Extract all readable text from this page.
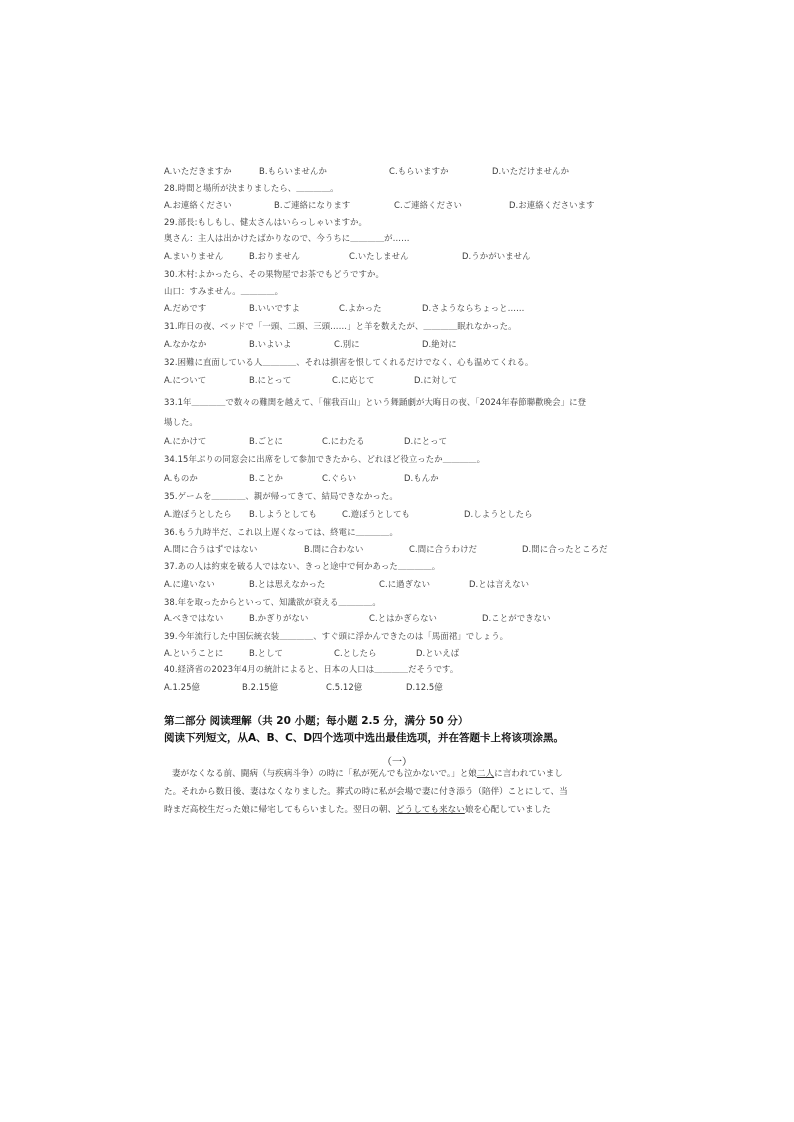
A.いただきますか	B.もらいませんか	C.もらいますか	D.いただけませんか
28.時間と場所が決まりましたら、＿＿＿＿。
A.お連絡ください	B.ご連絡になります	C.ご連絡ください	D.お連絡くださいます
29.部長:もしもし、健太さんはいらっしゃいますか。
奥さん：主人は出かけたばかりなので、今うちに＿＿＿＿が……
A.まいりません	B.おりません	C.いたしません	D.うかがいません
30.木村:よかったら、その果物屋でお茶でもどうですか。
山口：すみません。＿＿＿＿。
A.だめです	B.いいですよ	C.よかった	D.さようならちょっと……
31.昨日の夜、ベッドで「一頭、二頭、三頭……」と羊を数えたが、＿＿＿＿眠れなかった。
A.なかなか	B.いよいよ	C.別に	D.絶対に
32.困難に直面している人＿＿＿＿、それは損害を恨してくれるだけでなく、心も温めてくれる。
A.について	B.にとって	C.に応じて	D.に対して
33.1年＿＿＿＿で数々の難関を越えて、「催我百山」という舞踊劇が大晦日の夜、「2024年春節聯歡晩会」に登
場した。
A.にかけて	B.ごとに	C.にわたる	D.にとって
34.15年ぶりの同窓会に出席をして参加できたから、どれほど役立ったか＿＿＿＿。
A.ものか	B.ことか	C.ぐらい	D.もんか
35.ゲームを＿＿＿＿、親が帰ってきて、結局できなかった。
A.遊ぼうとしたら B.しようとしても	C.遊ぼうとしても	D.しようとしたら
36.もう九時半だ、これ以上遅くなっては、終電に＿＿＿＿。
A.間に合うはずではない	B.間に合わない	C.間に合うわけだ	D.間に合ったところだ
37.あの人は約束を破る人ではない、きっと途中で何かあった＿＿＿＿。
A.に違いない	B.とは思えなかった	C.に過ぎない	D.とは言えない
38.年を取ったからといって、知識欲が衰える＿＿＿＿。
A.べきではない	B.かぎりがない	C.とはかぎらない	D.ことができない
39.今年流行した中国伝統衣装＿＿＿＿、すぐ頭に浮かんできたのは「馬面裙」でしょう。
A.ということに	B.として	C.としたら	D.といえば
40.経済省の2023年4月の統計によると、日本の人口は＿＿＿＿だそうです。
A.1.25億	B.2.15億	C.5.12億	D.12.5億
第二部分 阅读理解（共 20 小题；每小题 2.5 分，满分 50 分）
阅读下列短文，从A、B、C、D四个选项中选出最佳选项，并在答题卡上将该项涂黑。
（一）
妻がなくなる前、闘病（与疾病斗争）の時に「私が死んでも泣かないで。」と娘二人に言われていまし
た。それから数日後、妻はなくなりました。葬式の時に私が会場で妻に付き添う（陪伴）ことにして、当
時まだ高校生だった娘に帰宅してもらいました。翌日の朝、どうしても来ない娘を心配していました
